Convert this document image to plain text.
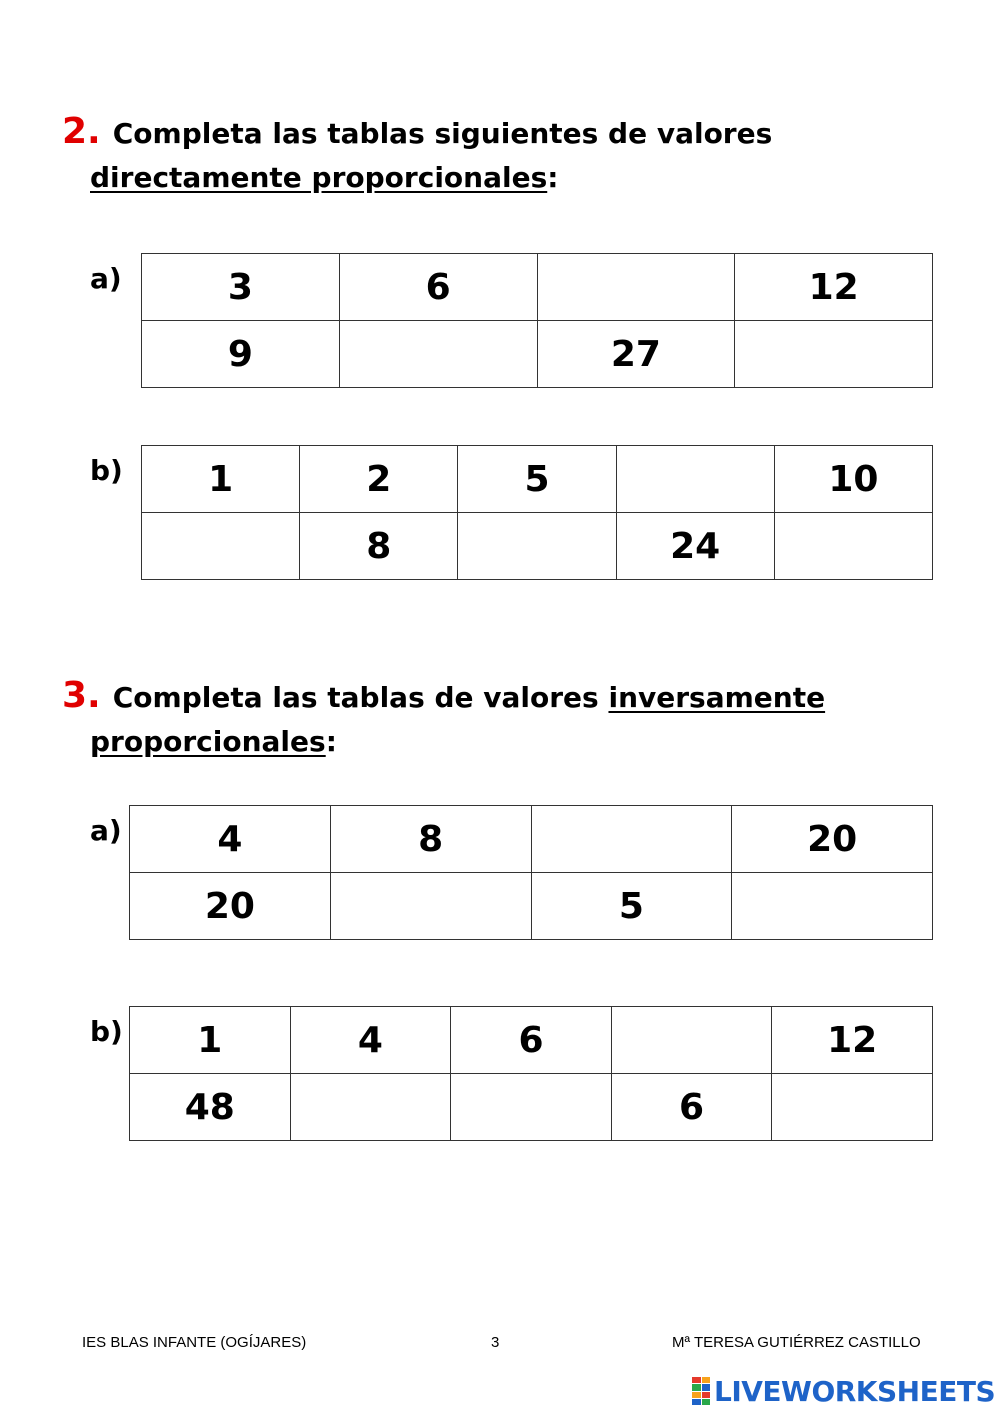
2. Completa las tablas siguientes de valores
directamente proporcionales:
a)	3	6		12
9		27	
b) 1	2	5		10
	8		24	
3. Completa las tablas de valores inversamente
proporcionales:
a)	4	8		20
20		5	
b) 1	4	6		12
48			6	
IES BLAS INFANTE (OGÍJARES)	3	Mª TERESA GUTIÉRREZ CASTILLO
LIVEWORKSHEETS
